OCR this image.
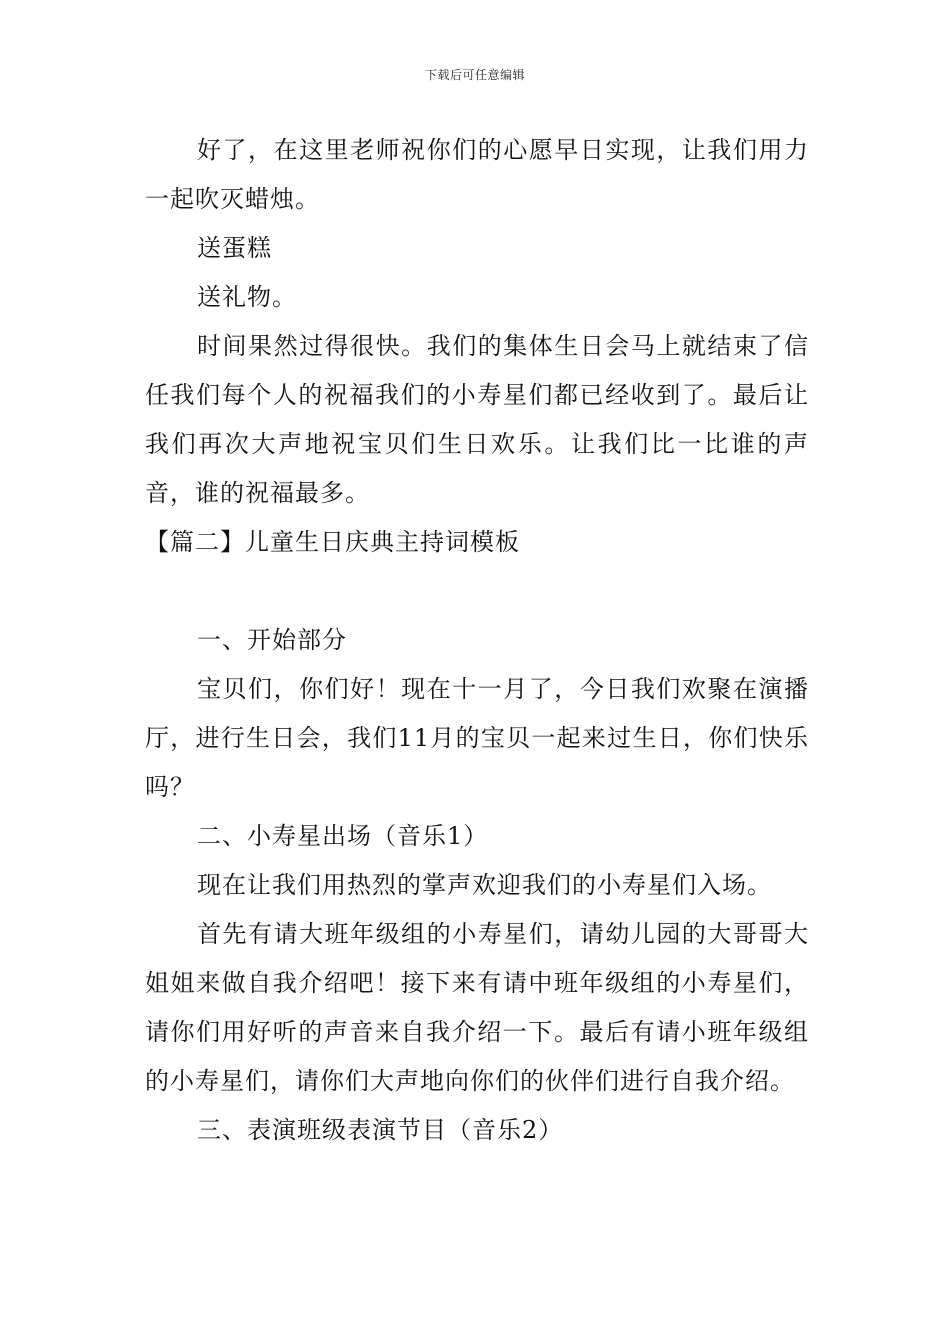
下载后可任意编辑

好了，在这里老师祝你们的心愿早日实现，让我们用力一起吹灭蜡烛。

送蛋糕

送礼物。

时间果然过得很快。我们的集体生日会马上就结束了信任我们每个人的祝福我们的小寿星们都已经收到了。最后让我们再次大声地祝宝贝们生日欢乐。让我们比一比谁的声音，谁的祝福最多。

【篇二】儿童生日庆典主持词模板

一、开始部分

宝贝们，你们好！现在十一月了，今日我们欢聚在演播厅，进行生日会，我们11月的宝贝一起来过生日，你们快乐吗？

二、小寿星出场（音乐1）

现在让我们用热烈的掌声欢迎我们的小寿星们入场。

首先有请大班年级组的小寿星们，请幼儿园的大哥哥大姐姐来做自我介绍吧！接下来有请中班年级组的小寿星们，请你们用好听的声音来自我介绍一下。最后有请小班年级组的小寿星们，请你们大声地向你们的伙伴们进行自我介绍。

三、表演班级表演节目（音乐2）
